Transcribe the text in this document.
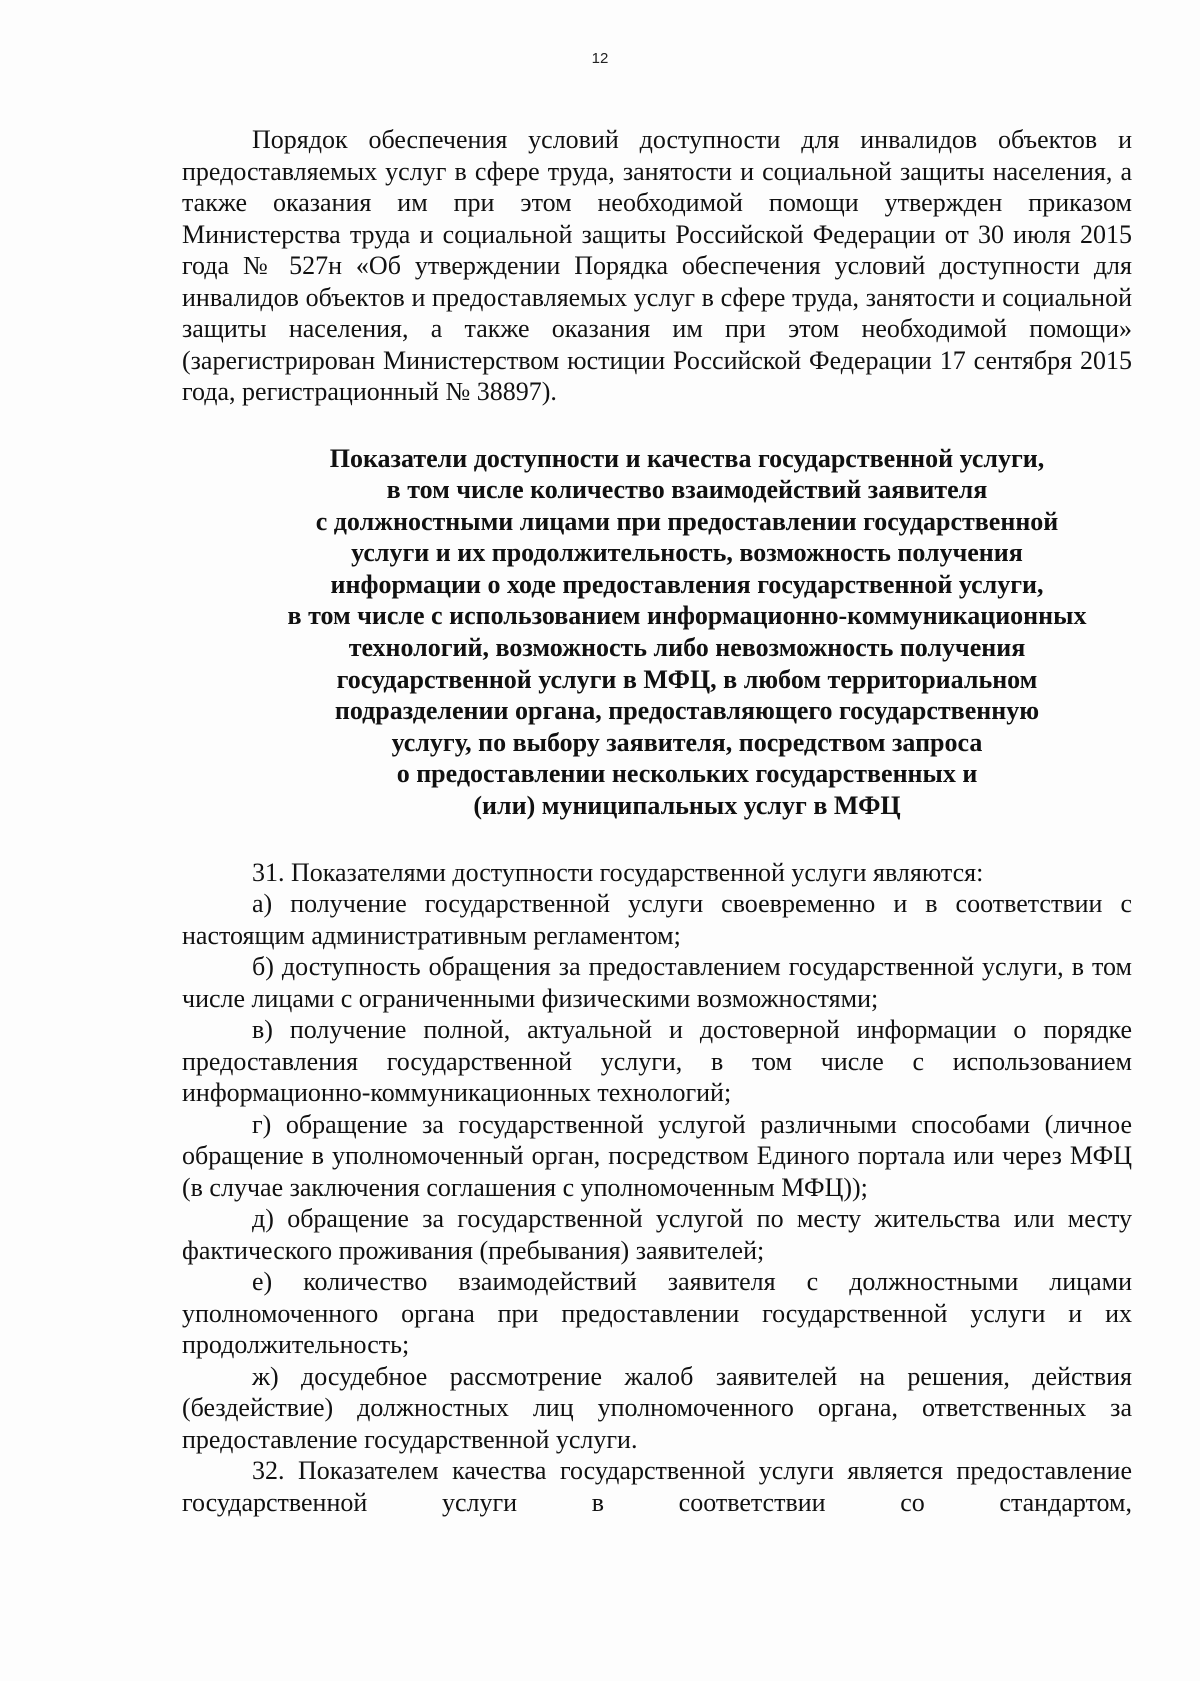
12

Порядок обеспечения условий доступности для инвалидов объектов и предоставляемых услуг в сфере труда, занятости и социальной защиты населения, а также оказания им при этом необходимой помощи утвержден приказом Министерства труда и социальной защиты Российской Федерации от 30 июля 2015 года № 527н «Об утверждении Порядка обеспечения условий доступности для инвалидов объектов и предоставляемых услуг в сфере труда, занятости и социальной защиты населения, а также оказания им при этом необходимой помощи» (зарегистрирован Министерством юстиции Российской Федерации 17 сентября 2015 года, регистрационный № 38897).

Показатели доступности и качества государственной услуги,
в том числе количество взаимодействий заявителя
с должностными лицами при предоставлении государственной
услуги и их продолжительность, возможность получения
информации о ходе предоставления государственной услуги,
в том числе с использованием информационно-коммуникационных
технологий, возможность либо невозможность получения
государственной услуги в МФЦ, в любом территориальном
подразделении органа, предоставляющего государственную
услугу, по выбору заявителя, посредством запроса
о предоставлении нескольких государственных и
(или) муниципальных услуг в МФЦ

31. Показателями доступности государственной услуги являются:

а) получение государственной услуги своевременно и в соответствии с настоящим административным регламентом;

б) доступность обращения за предоставлением государственной услуги, в том числе лицами с ограниченными физическими возможностями;

в) получение полной, актуальной и достоверной информации о порядке предоставления государственной услуги, в том числе с использованием информационно-коммуникационных технологий;

г) обращение за государственной услугой различными способами (личное обращение в уполномоченный орган, посредством Единого портала или через МФЦ (в случае заключения соглашения с уполномоченным МФЦ));

д) обращение за государственной услугой по месту жительства или месту фактического проживания (пребывания) заявителей;

е) количество взаимодействий заявителя с должностными лицами уполномоченного органа при предоставлении государственной услуги и их продолжительность;

ж) досудебное рассмотрение жалоб заявителей на решения, действия (бездействие) должностных лиц уполномоченного органа, ответственных за предоставление государственной услуги.

32. Показателем качества государственной услуги является предоставление государственной услуги в соответствии со стандартом,
